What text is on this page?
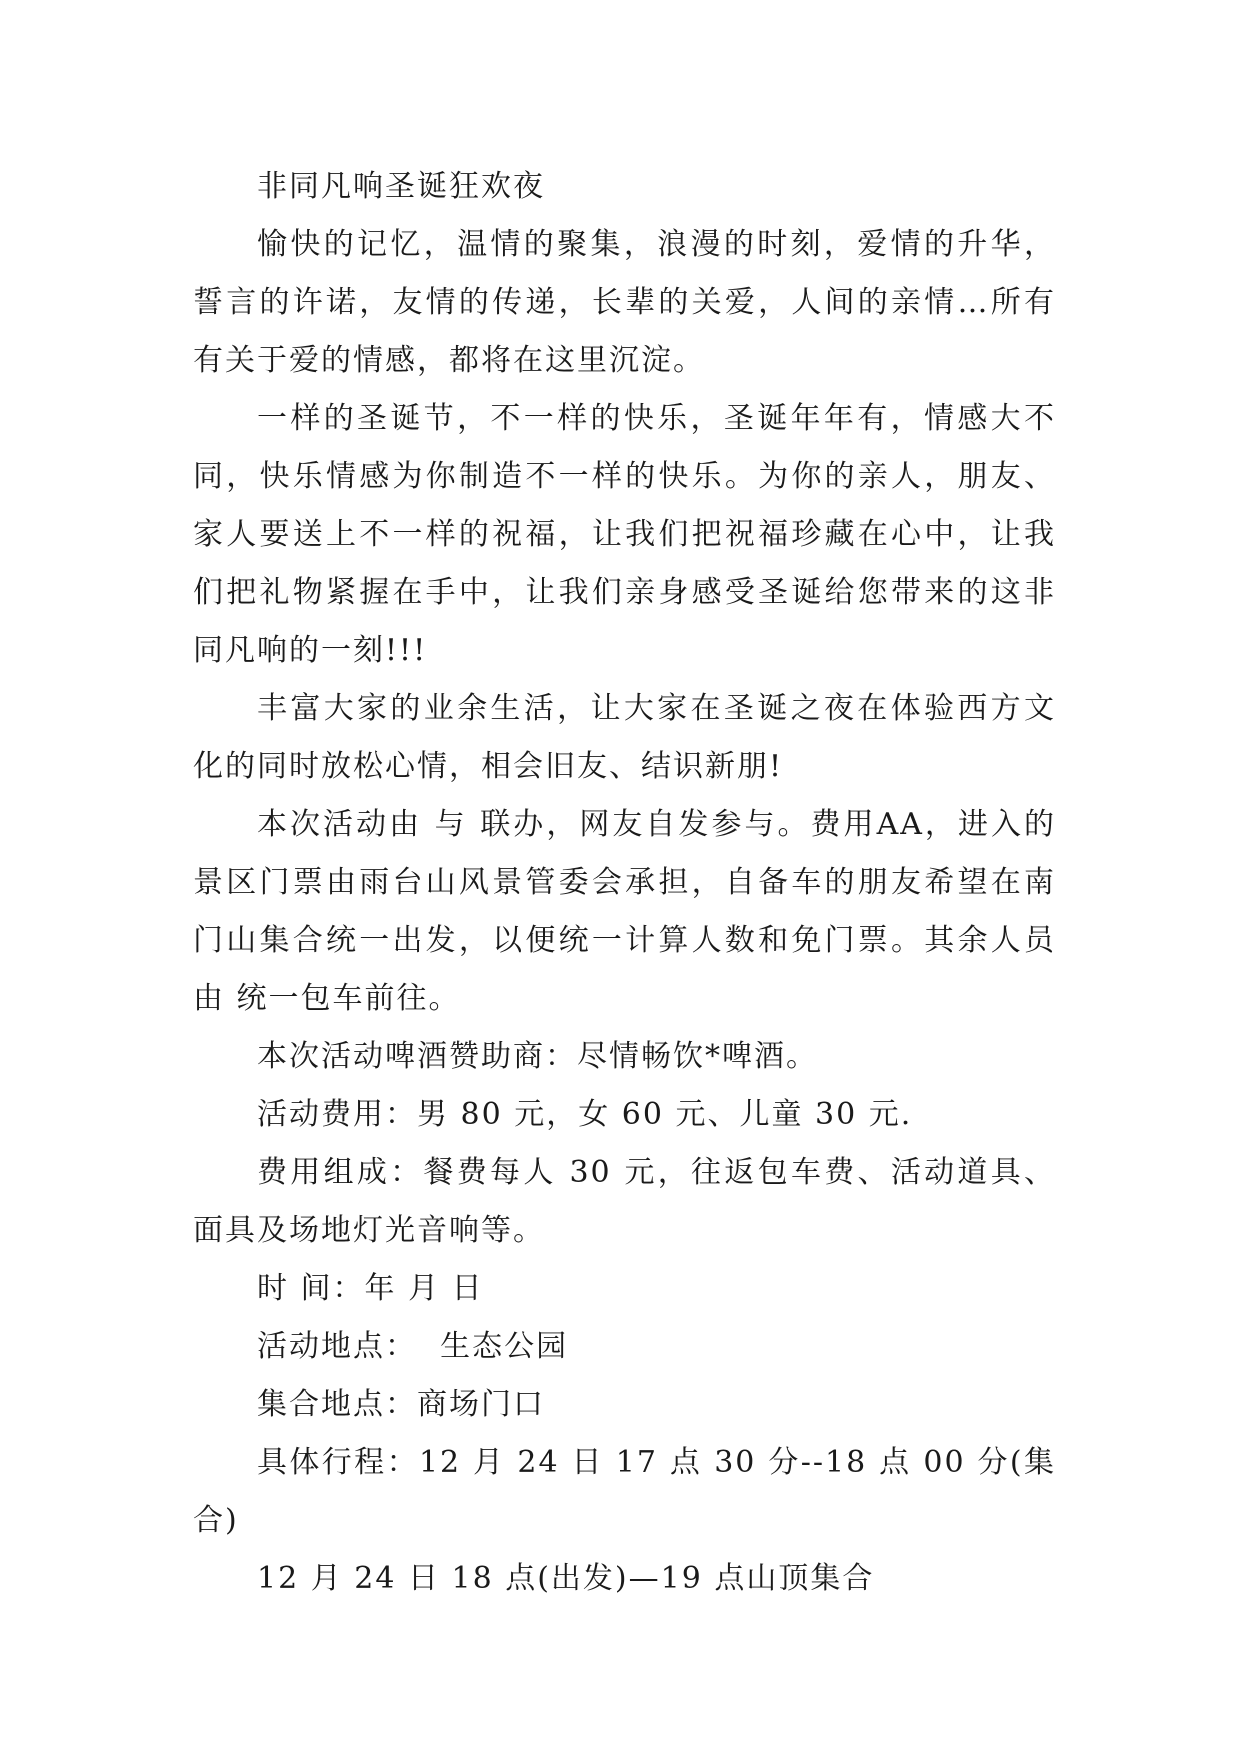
非同凡响圣诞狂欢夜

愉快的记忆，温情的聚集，浪漫的时刻，爱情的升华，誓言的许诺，友情的传递，长辈的关爱，人间的亲情…所有有关于爱的情感，都将在这里沉淀。

一样的圣诞节，不一样的快乐，圣诞年年有，情感大不同，快乐情感为你制造不一样的快乐。为你的亲人，朋友、家人要送上不一样的祝福，让我们把祝福珍藏在心中，让我们把礼物紧握在手中，让我们亲身感受圣诞给您带来的这非同凡响的一刻!!!

丰富大家的业余生活，让大家在圣诞之夜在体验西方文化的同时放松心情，相会旧友、结识新朋!

本次活动由 与 联办，网友自发参与。费用AA，进入的景区门票由雨台山风景管委会承担，自备车的朋友希望在南门山集合统一出发，以便统一计算人数和免门票。其余人员由 统一包车前往。

本次活动啤酒赞助商：尽情畅饮*啤酒。

活动费用：男 80 元，女 60 元、儿童 30 元.

费用组成：餐费每人 30 元，往返包车费、活动道具、面具及场地灯光音响等。

时 间：年 月 日

活动地点：  生态公园

集合地点：商场门口

具体行程：12 月 24 日 17 点 30 分--18 点 00 分(集合)

12 月 24 日 18 点(出发)—19 点山顶集合
